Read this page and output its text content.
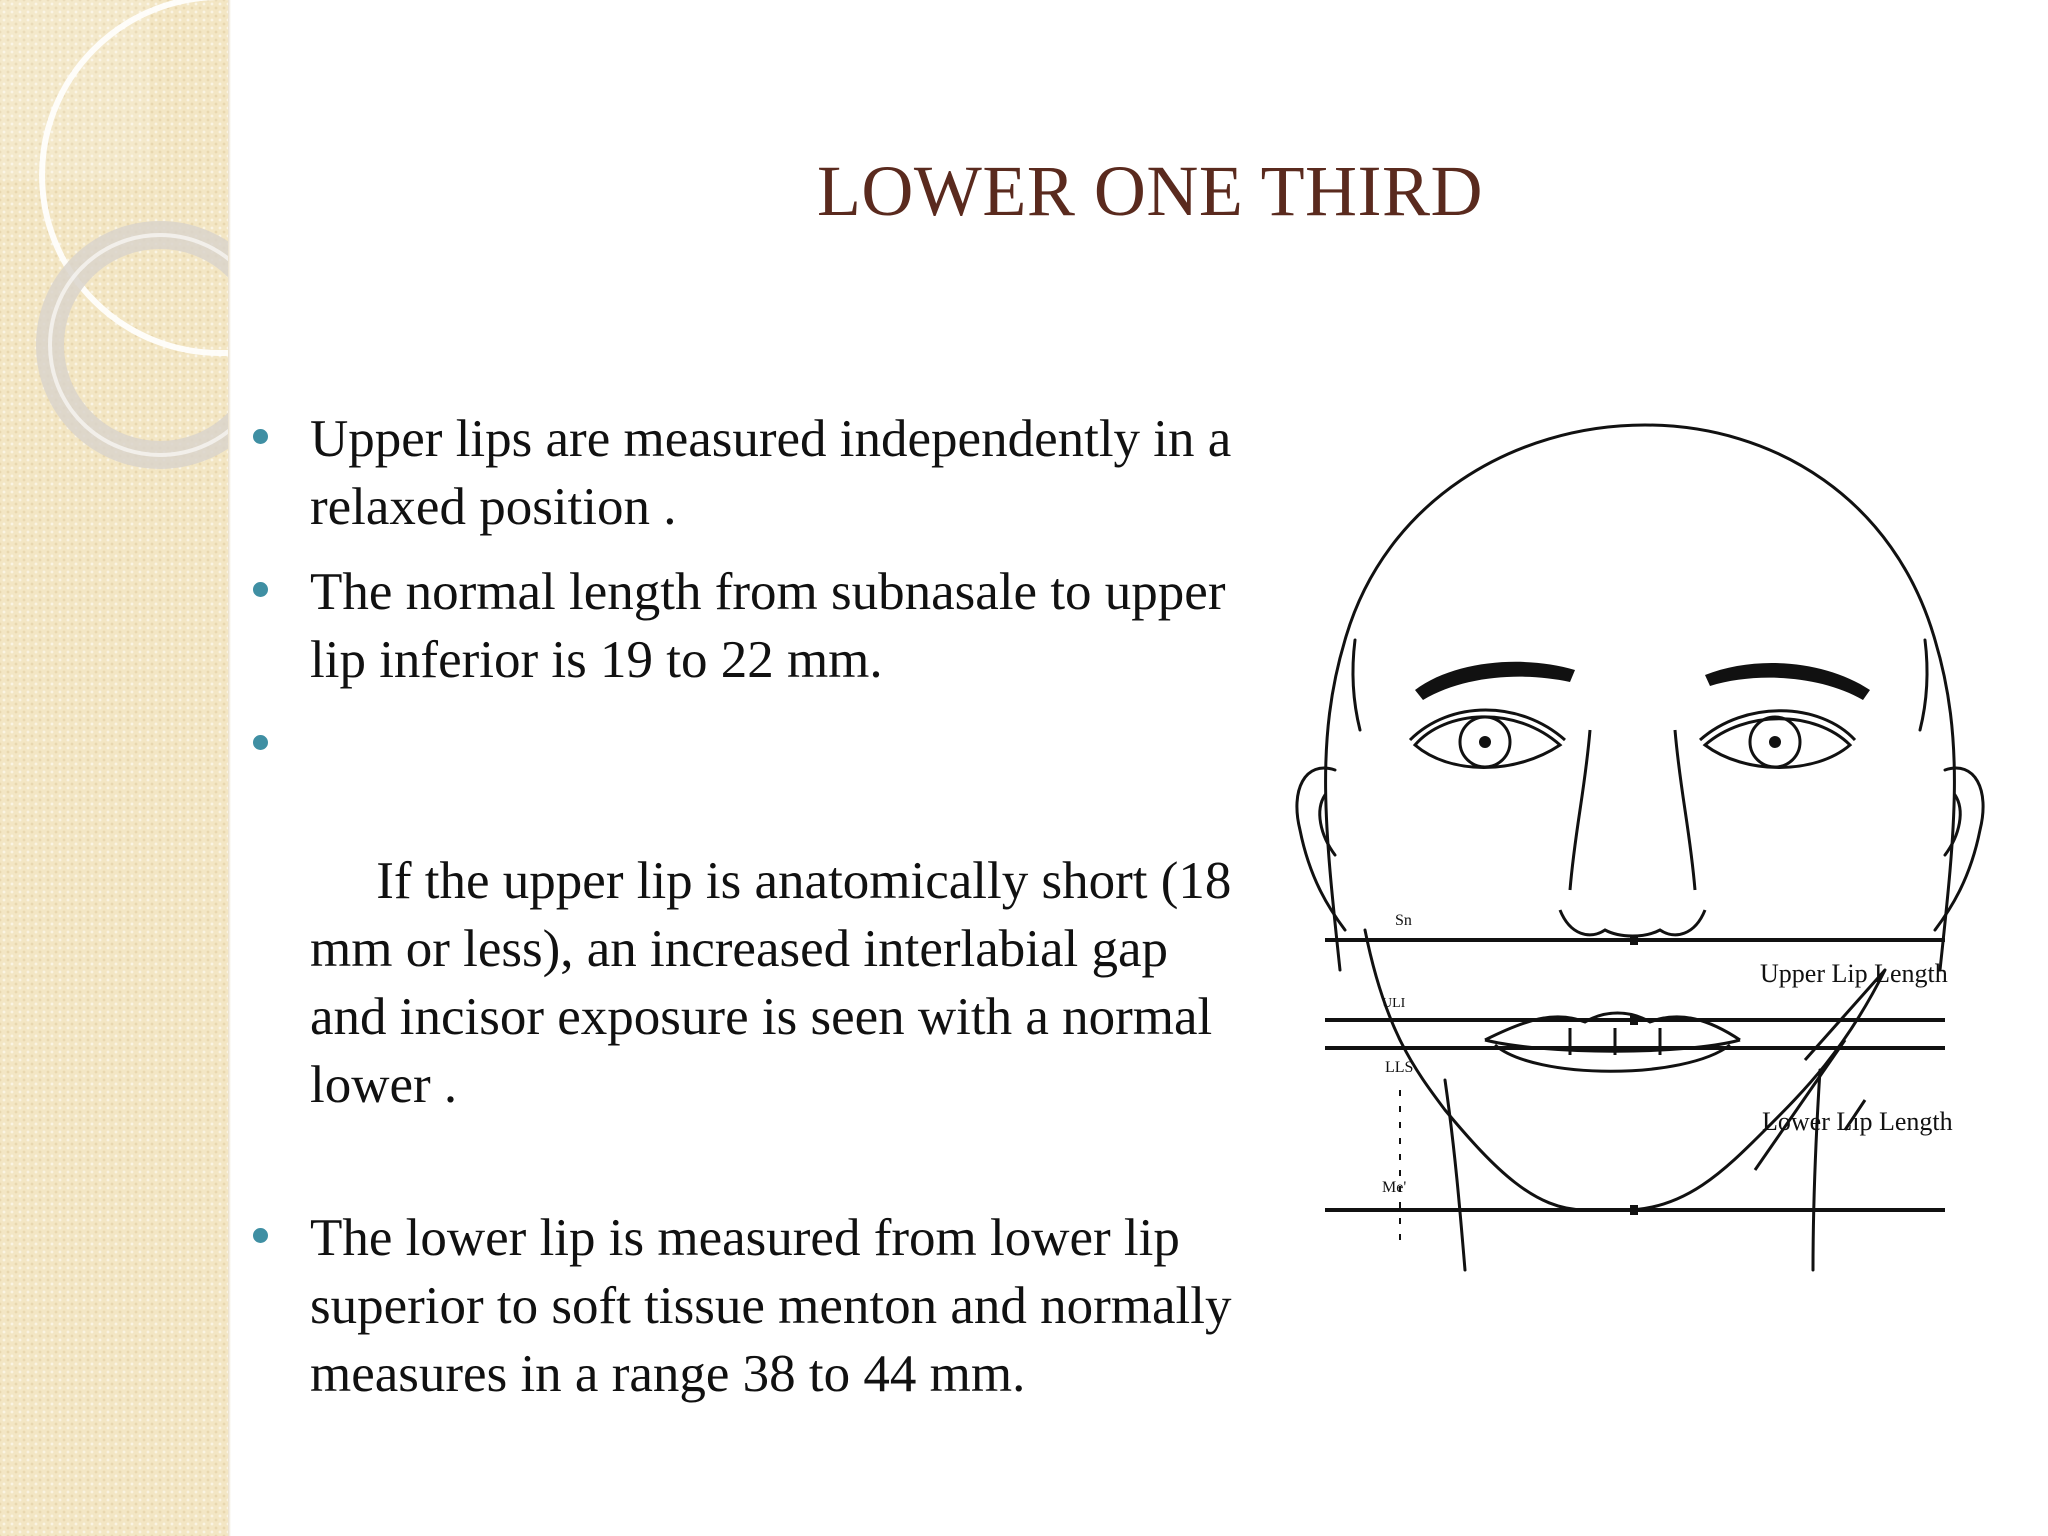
LOWER ONE THIRD
Upper lips are measured independently in a relaxed position .
The normal length from subnasale to upper lip inferior is 19 to 22 mm.

If the upper lip is anatomically short (18 mm or less), an increased interlabial gap and incisor exposure is seen with a normal lower .

The lower lip is measured from lower lip superior to soft tissue menton and normally measures in a range 38 to 44 mm.
Sn
ULI
LLS
Me'
Upper Lip Length
Lower Lip Length
